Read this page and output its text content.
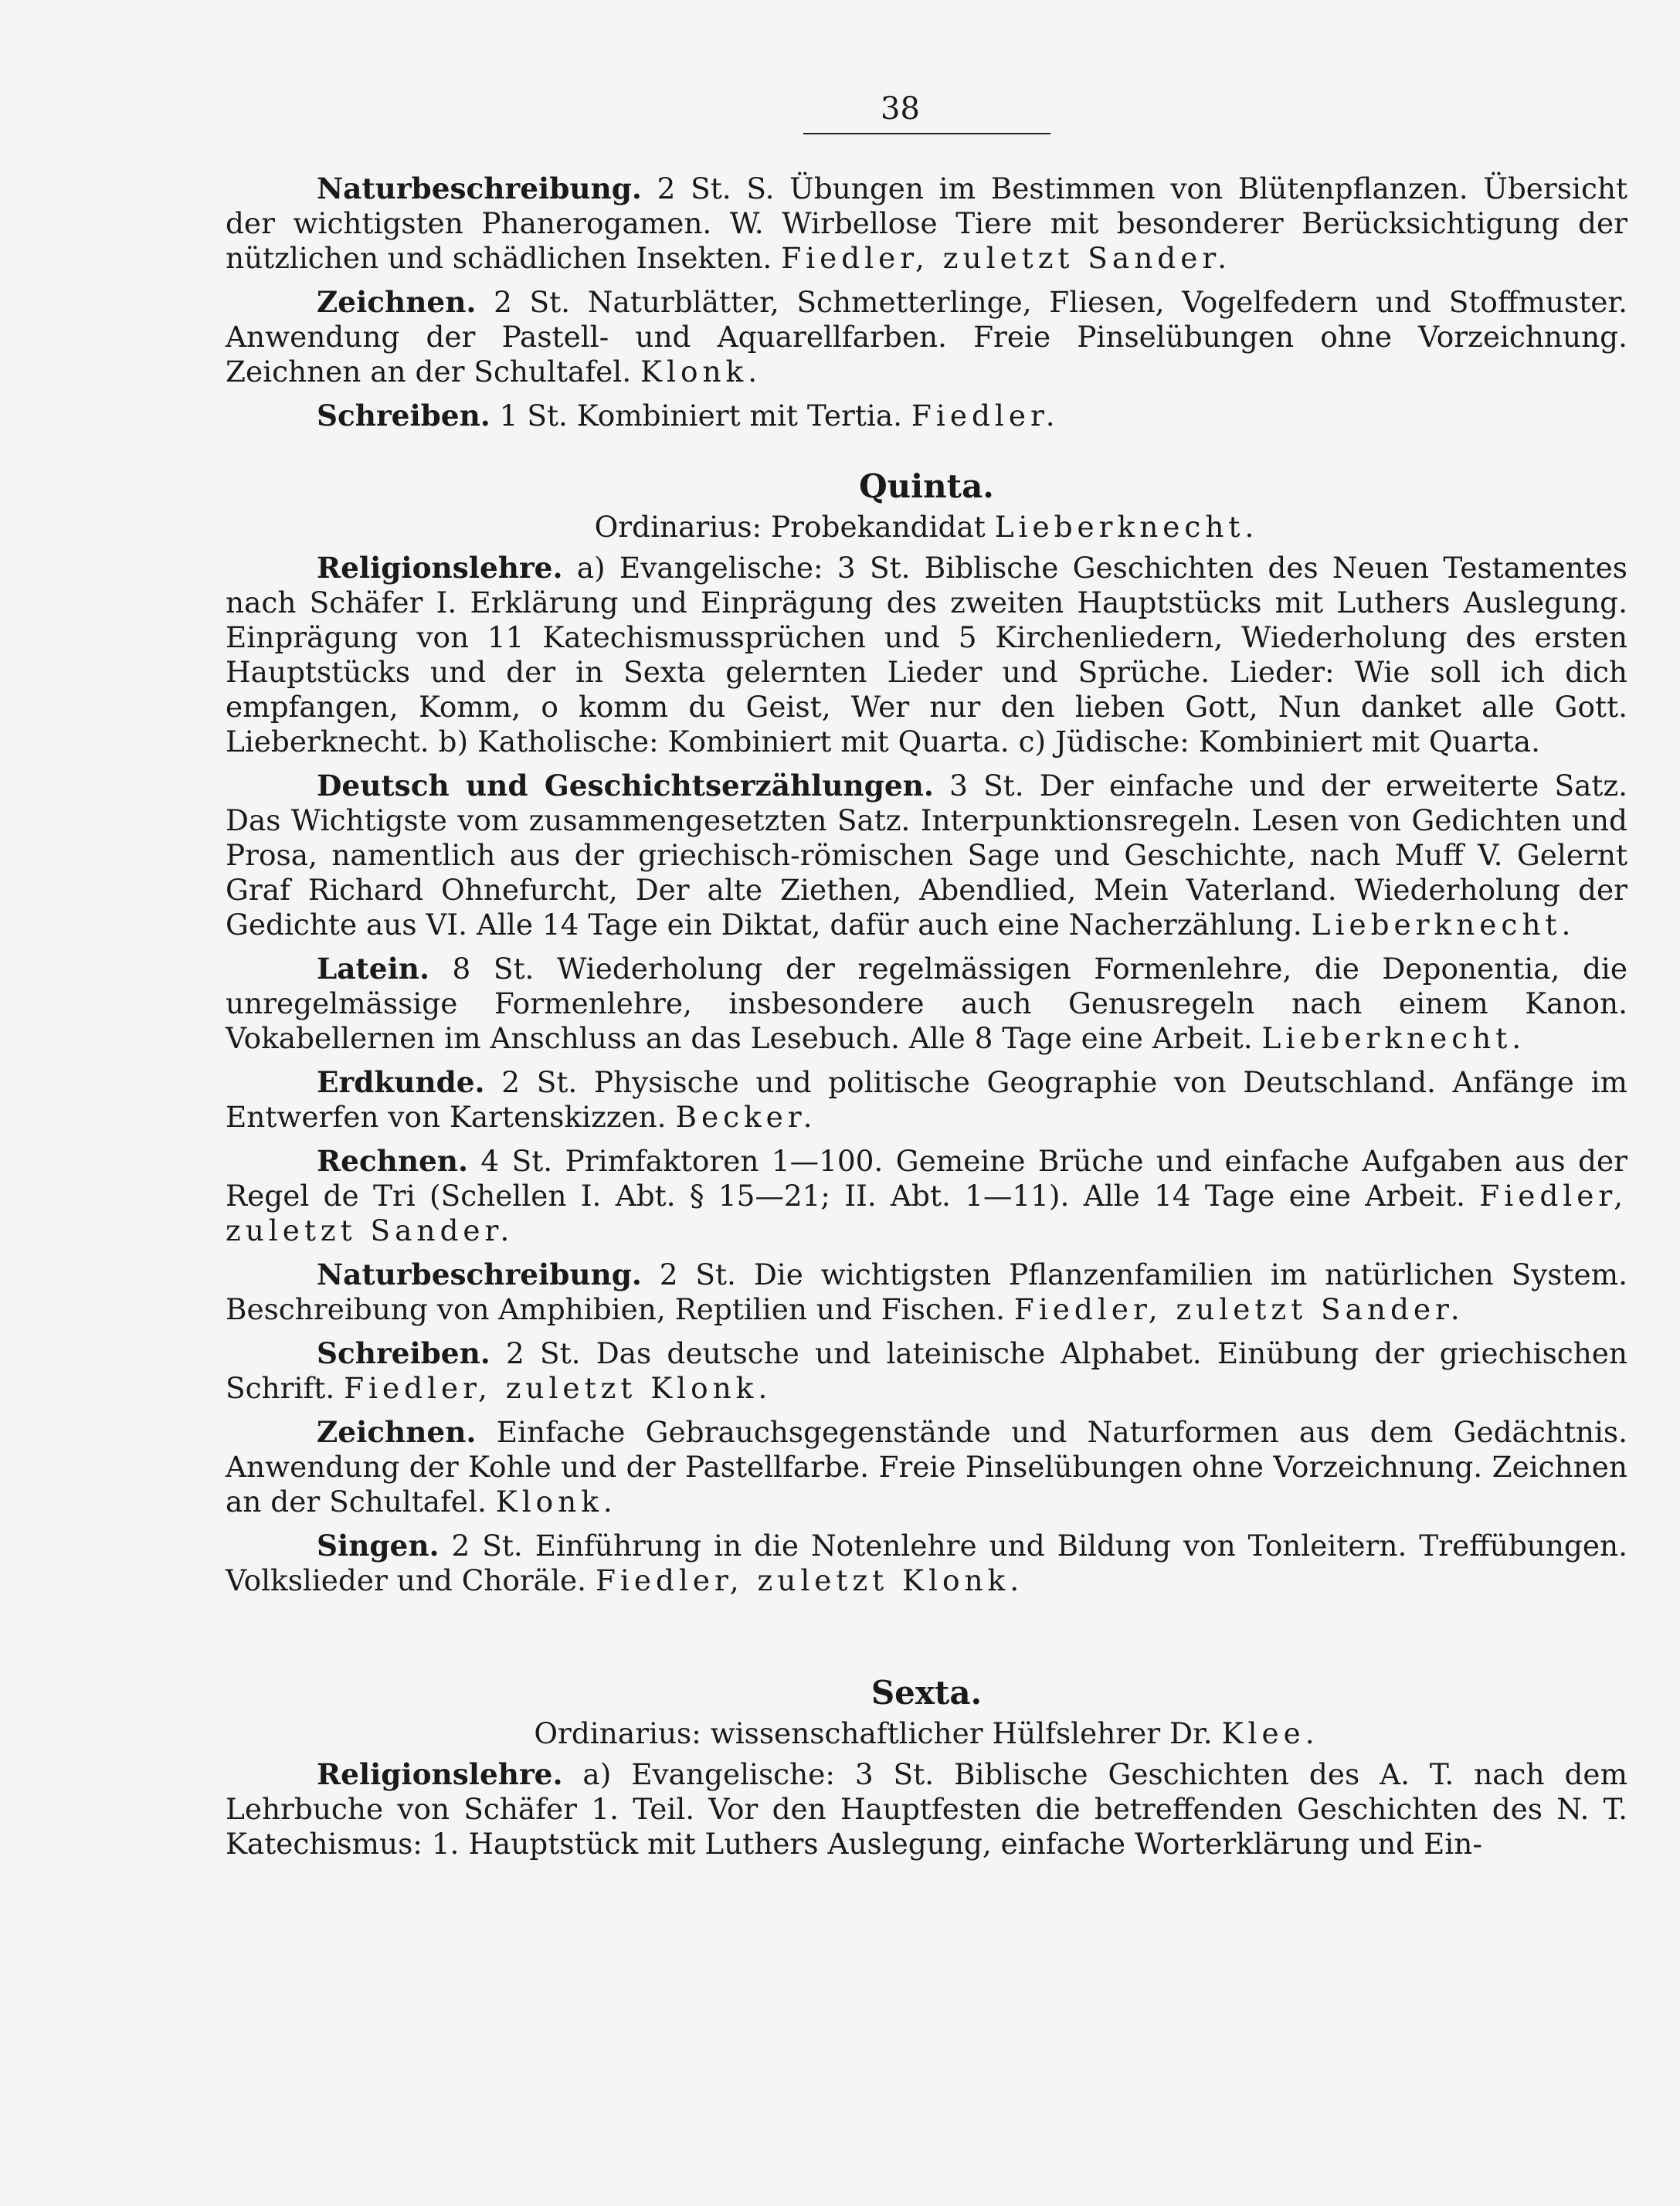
38

Naturbeschreibung. 2 St. S. Übungen im Bestimmen von Blütenpflanzen. Übersicht der wichtigsten Phanerogamen. W. Wirbellose Tiere mit besonderer Berücksichtigung der nützlichen und schädlichen Insekten. Fiedler, zuletzt Sander.

Zeichnen. 2 St. Naturblätter, Schmetterlinge, Fliesen, Vogelfedern und Stoffmuster. Anwendung der Pastell- und Aquarellfarben. Freie Pinselübungen ohne Vorzeichnung. Zeichnen an der Schultafel. Klonk.

Schreiben. 1 St. Kombiniert mit Tertia. Fiedler.

Quinta.
Ordinarius: Probekandidat Lieberknecht.

Religionslehre. a) Evangelische: 3 St. Biblische Geschichten des Neuen Testamentes nach Schäfer I. Erklärung und Einprägung des zweiten Hauptstücks mit Luthers Auslegung. Einprägung von 11 Katechismussprüchen und 5 Kirchenliedern, Wiederholung des ersten Hauptstücks und der in Sexta gelernten Lieder und Sprüche. Lieder: Wie soll ich dich empfangen, Komm, o komm du Geist, Wer nur den lieben Gott, Nun danket alle Gott. Lieberknecht. b) Katholische: Kombiniert mit Quarta. c) Jüdische: Kombiniert mit Quarta.

Deutsch und Geschichtserzählungen. 3 St. Der einfache und der erweiterte Satz. Das Wichtigste vom zusammengesetzten Satz. Interpunktionsregeln. Lesen von Gedichten und Prosa, namentlich aus der griechisch-römischen Sage und Geschichte, nach Muff V. Gelernt Graf Richard Ohnefurcht, Der alte Ziethen, Abendlied, Mein Vaterland. Wiederholung der Gedichte aus VI. Alle 14 Tage ein Diktat, dafür auch eine Nacherzählung. Lieberknecht.

Latein. 8 St. Wiederholung der regelmässigen Formenlehre, die Deponentia, die unregelmässige Formenlehre, insbesondere auch Genusregeln nach einem Kanon. Vokabellernen im Anschluss an das Lesebuch. Alle 8 Tage eine Arbeit. Lieberknecht.

Erdkunde. 2 St. Physische und politische Geographie von Deutschland. Anfänge im Entwerfen von Kartenskizzen. Becker.

Rechnen. 4 St. Primfaktoren 1—100. Gemeine Brüche und einfache Aufgaben aus der Regel de Tri (Schellen I. Abt. § 15—21; II. Abt. 1—11). Alle 14 Tage eine Arbeit. Fiedler, zuletzt Sander.

Naturbeschreibung. 2 St. Die wichtigsten Pflanzenfamilien im natürlichen System. Beschreibung von Amphibien, Reptilien und Fischen. Fiedler, zuletzt Sander.

Schreiben. 2 St. Das deutsche und lateinische Alphabet. Einübung der griechischen Schrift. Fiedler, zuletzt Klonk.

Zeichnen. Einfache Gebrauchsgegenstände und Naturformen aus dem Gedächtnis. Anwendung der Kohle und der Pastellfarbe. Freie Pinselübungen ohne Vorzeichnung. Zeichnen an der Schultafel. Klonk.

Singen. 2 St. Einführung in die Notenlehre und Bildung von Tonleitern. Treffübungen. Volkslieder und Choräle. Fiedler, zuletzt Klonk.

Sexta.
Ordinarius: wissenschaftlicher Hülfslehrer Dr. Klee.

Religionslehre. a) Evangelische: 3 St. Biblische Geschichten des A. T. nach dem Lehrbuche von Schäfer 1. Teil. Vor den Hauptfesten die betreffenden Geschichten des N. T. Katechismus: 1. Hauptstück mit Luthers Auslegung, einfache Worterklärung und Ein-
